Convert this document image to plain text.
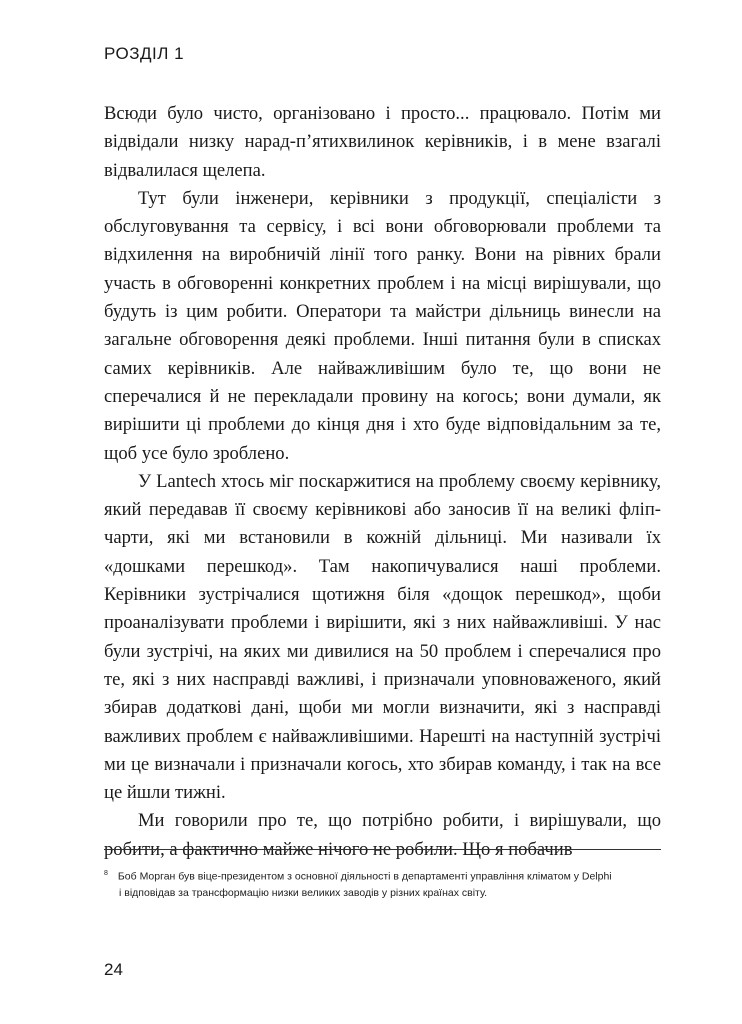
РОЗДІЛ 1

Всюди було чисто, організовано і просто... працювало. Потім ми відвідали низку нарад-п’ятихвилинок керівників, і в мене взагалі відвалилася щелепа.

Тут були інженери, керівники з продукції, спеціалісти з обслуговування та сервісу, і всі вони обговорювали проблеми та відхилення на виробничій лінії того ранку. Вони на рівних брали участь в обговоренні конкретних проблем і на місці вирішували, що будуть із цим робити. Оператори та майстри дільниць винесли на загальне обговорення деякі проблеми. Інші питання були в списках самих керівників. Але найважливішим було те, що вони не сперечалися й не перекладали провину на когось; вони думали, як вирішити ці проблеми до кінця дня і хто буде відповідальним за те, щоб усе було зроблено.

У Lantech хтось міг поскаржитися на проблему своєму керівнику, який передавав її своєму керівникові або заносив її на великі фліп-чарти, які ми встановили в кожній дільниці. Ми називали їх «дошками перешкод». Там накопичувалися наші проблеми. Керівники зустрічалися щотижня біля «дощок перешкод», щоби проаналізувати проблеми і вирішити, які з них найважливіші. У нас були зустрічі, на яких ми дивилися на 50 проблем і сперечалися про те, які з них насправді важливі, і призначали уповноваженого, який збирав додаткові дані, щоби ми могли визначити, які з насправді важливих проблем є найважливішими. Нарешті на наступній зустрічі ми це визначали і призначали когось, хто збирав команду, і так на все це йшли тижні.

Ми говорили про те, що потрібно робити, і вирішували, що робити, а фактично майже нічого не робили. Що я побачив

$^8$ Боб Морган був віце-президентом з основної діяльності в департаменті управління кліматом у Delphi
і відповідав за трансформацію низки великих заводів у різних країнах світу.
24
